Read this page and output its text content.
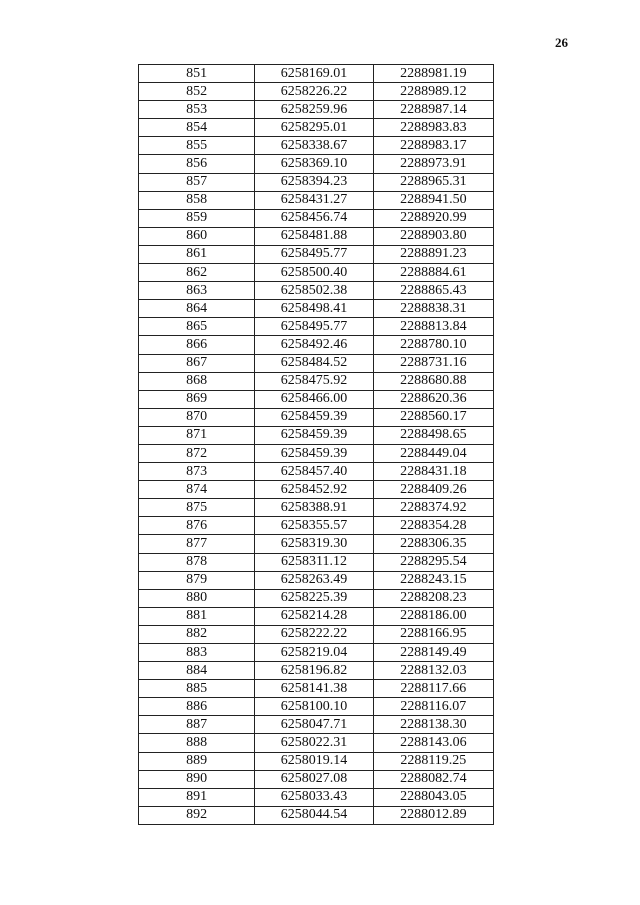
26
851	6258169.01	2288981.19
852	6258226.22	2288989.12
853	6258259.96	2288987.14
854	6258295.01	2288983.83
855	6258338.67	2288983.17
856	6258369.10	2288973.91
857	6258394.23	2288965.31
858	6258431.27	2288941.50
859	6258456.74	2288920.99
860	6258481.88	2288903.80
861	6258495.77	2288891.23
862	6258500.40	2288884.61
863	6258502.38	2288865.43
864	6258498.41	2288838.31
865	6258495.77	2288813.84
866	6258492.46	2288780.10
867	6258484.52	2288731.16
868	6258475.92	2288680.88
869	6258466.00	2288620.36
870	6258459.39	2288560.17
871	6258459.39	2288498.65
872	6258459.39	2288449.04
873	6258457.40	2288431.18
874	6258452.92	2288409.26
875	6258388.91	2288374.92
876	6258355.57	2288354.28
877	6258319.30	2288306.35
878	6258311.12	2288295.54
879	6258263.49	2288243.15
880	6258225.39	2288208.23
881	6258214.28	2288186.00
882	6258222.22	2288166.95
883	6258219.04	2288149.49
884	6258196.82	2288132.03
885	6258141.38	2288117.66
886	6258100.10	2288116.07
887	6258047.71	2288138.30
888	6258022.31	2288143.06
889	6258019.14	2288119.25
890	6258027.08	2288082.74
891	6258033.43	2288043.05
892	6258044.54	2288012.89
